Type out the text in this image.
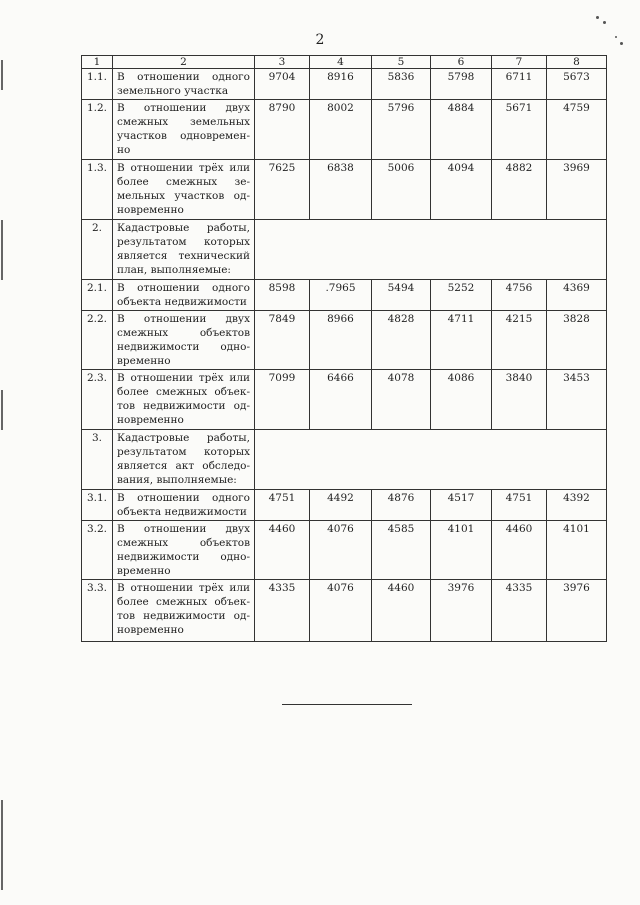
2
1	2	3	4	5	6	7	8
1.1.	В отношении одного земельного участка	9704	8916	5836	5798	6711	5673
1.2.	В отношении двух смежных земельных участков одновремен-но	8790	8002	5796	4884	5671	4759
1.3.	В отношении трёх или более смежных зе-мельных участков од-новременно	7625	6838	5006	4094	4882	3969
2.	Кадастровые работы, результатом которых является технический план, выполняемые:						
2.1.	В отношении одного объекта недвижимости	8598	.7965	5494	5252	4756	4369
2.2.	В отношении двух смежных объектов недвижимости одно-временно	7849	8966	4828	4711	4215	3828
2.3.	В отношении трёх или более смежных объек-тов недвижимости од-новременно	7099	6466	4078	4086	3840	3453
3.	Кадастровые работы, результатом которых является акт обследо-вания, выполняемые:						
3.1.	В отношении одного объекта недвижимости	4751	4492	4876	4517	4751	4392
3.2.	В отношении двух смежных объектов недвижимости одно-временно	4460	4076	4585	4101	4460	4101
3.3.	В отношении трёх или более смежных объек-тов недвижимости од-новременно	4335	4076	4460	3976	4335	3976
